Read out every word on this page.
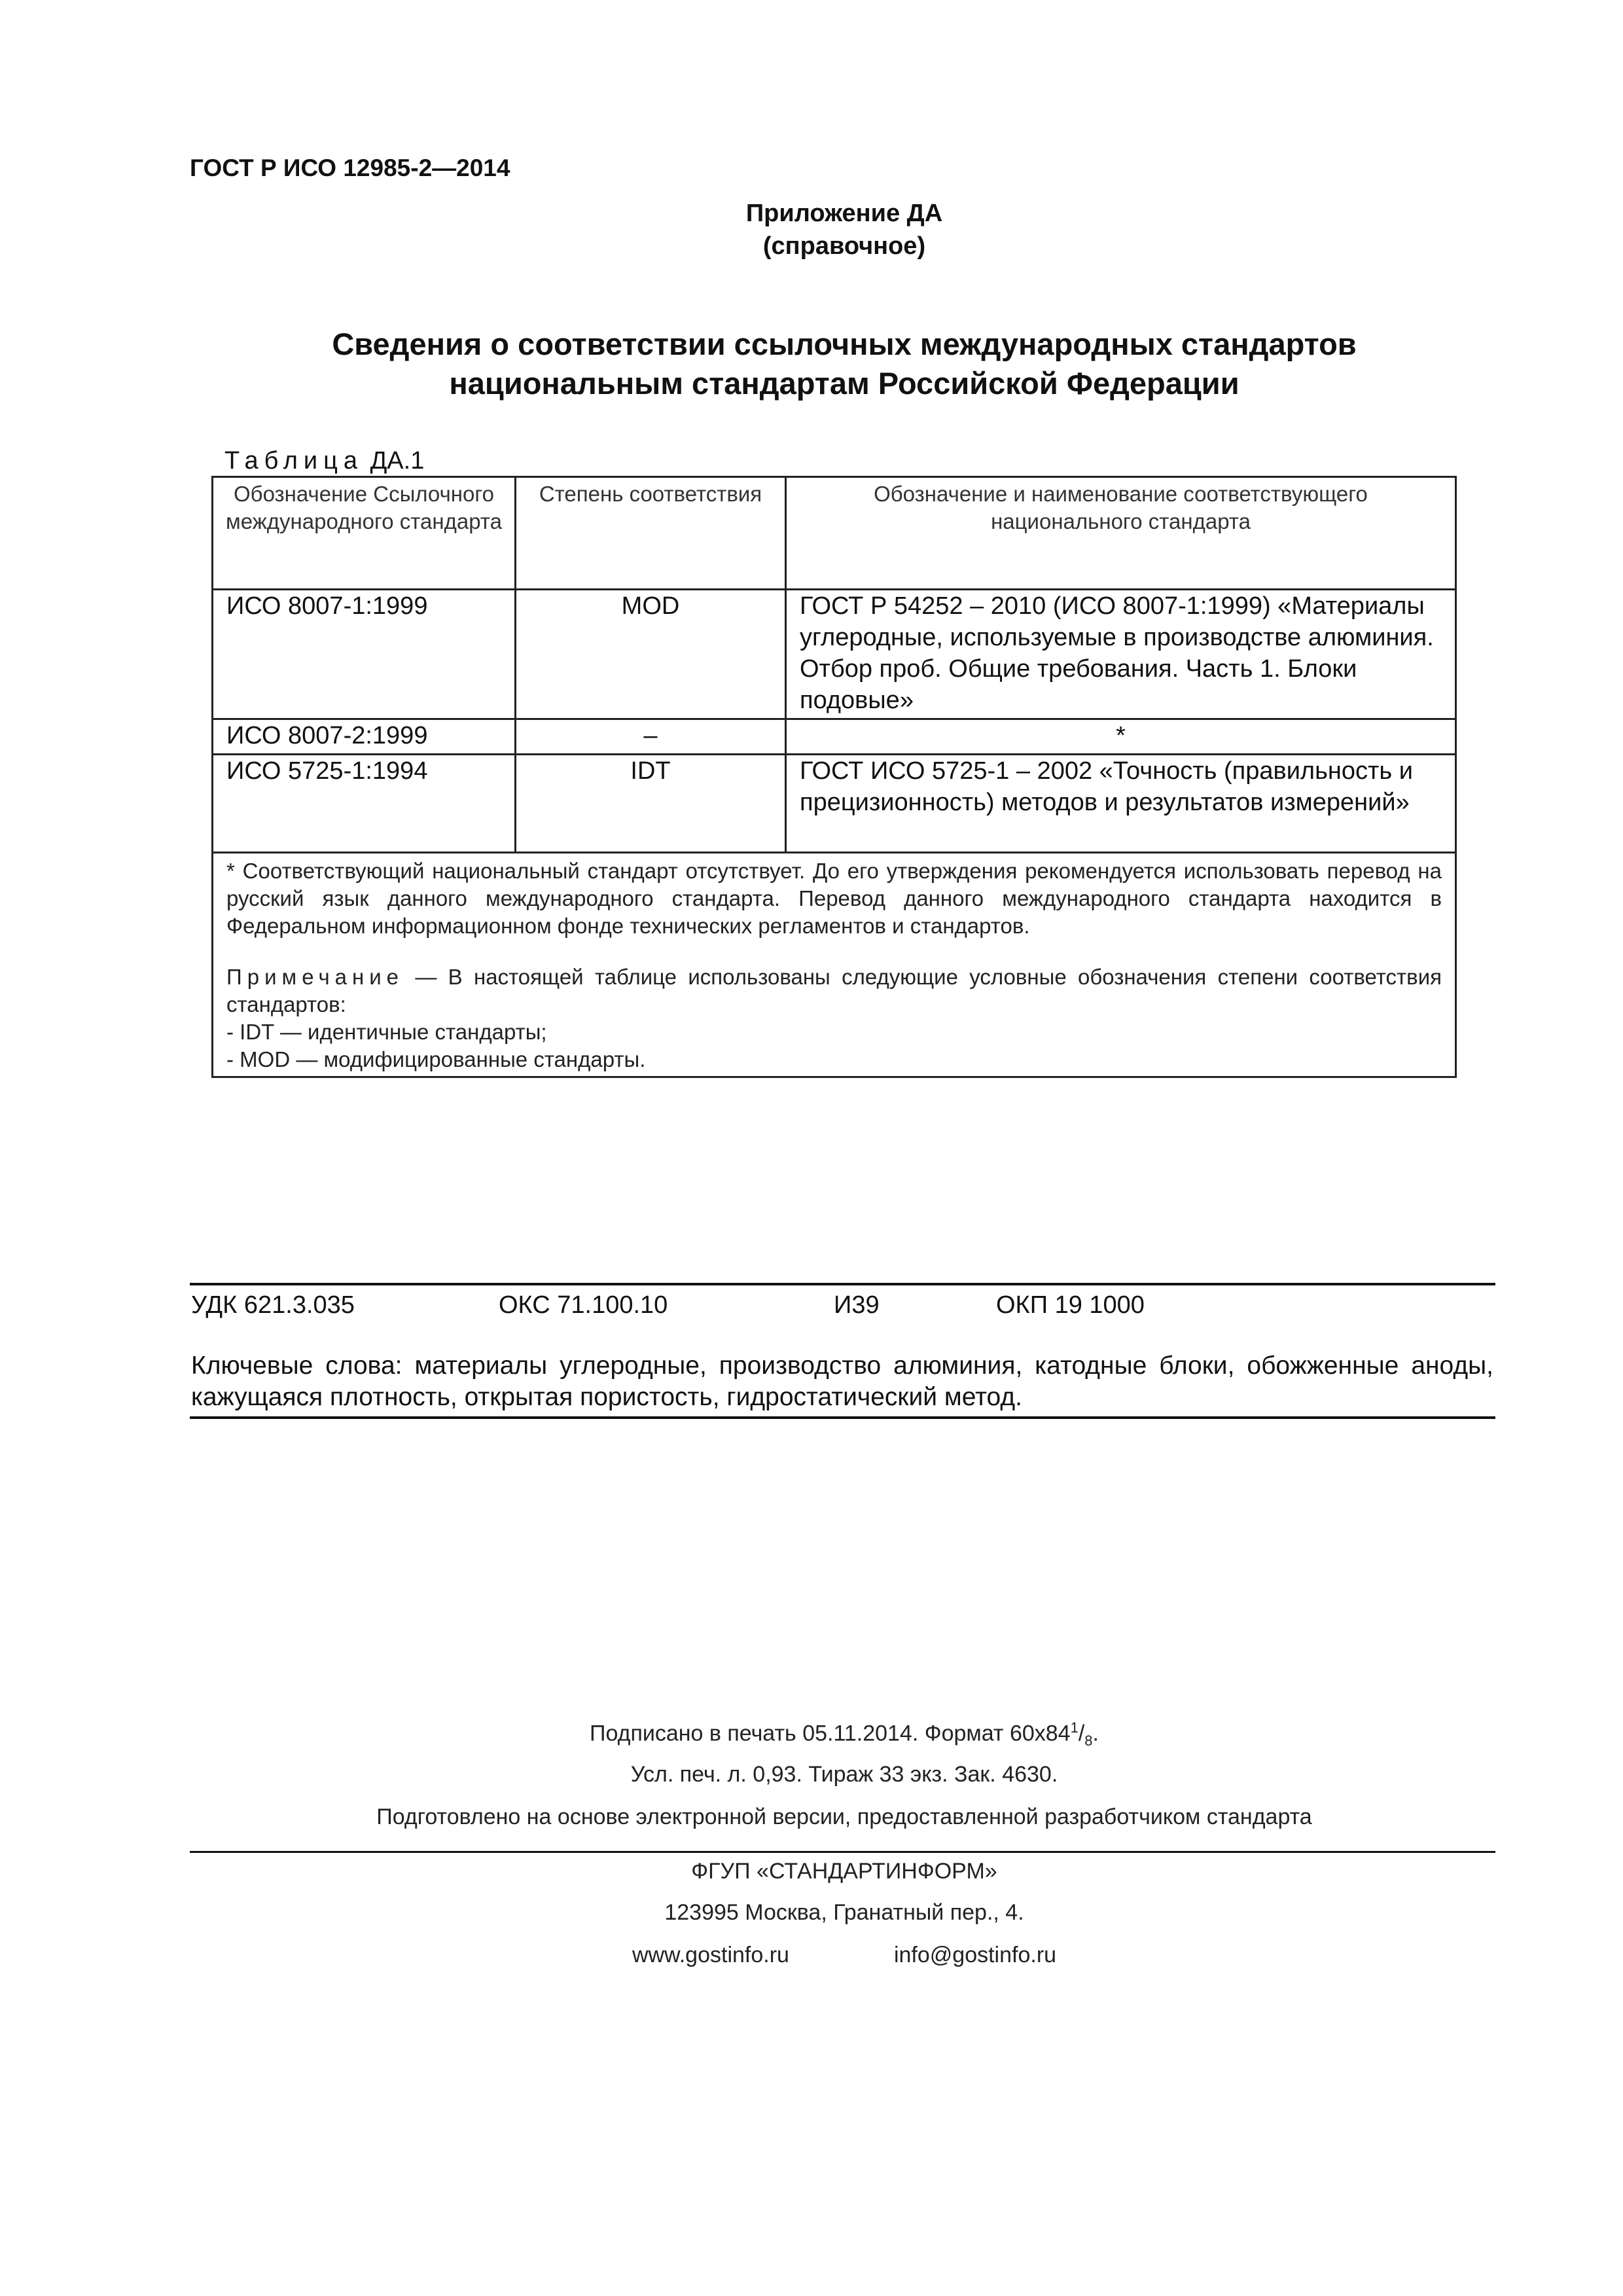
ГОСТ Р ИСО 12985-2—2014
Приложение ДА
(справочное)
Сведения о соответствии ссылочных международных стандартов
национальным стандартам Российской Федерации
Таблица ДА.1
Обозначение Ссылочного международного стандарта	Степень соответствия	Обозначение и наименование соответствующего национального стандарта
ИСО 8007-1:1999	MOD	ГОСТ Р 54252 – 2010 (ИСО 8007-1:1999) «Материалы углеродные, используемые в производстве алюминия. Отбор проб. Общие требования. Часть 1. Блоки подовые»
ИСО 8007-2:1999	–	*
ИСО 5725-1:1994	IDT	ГОСТ ИСО 5725-1 – 2002 «Точность (правильность и прецизионность) методов и результатов измерений»

* Соответствующий национальный стандарт отсутствует. До его утверждения рекомендуется использовать перевод на русский язык данного международного стандарта. Перевод данного международного стандарта находится в Федеральном информационном фонде технических регламентов и стандартов.
Примечание — В настоящей таблице использованы следующие условные обозначения степени соответствия стандартов:
- IDT — идентичные стандарты;
- MOD — модифицированные стандарты.		
УДК 621.3.035	ОКС 71.100.10	И39	ОКП 19 1000
Ключевые слова: материалы углеродные, производство алюминия, катодные блоки, обожженные аноды, кажущаяся плотность, открытая пористость, гидростатический метод.
Подписано в печать 05.11.2014. Формат $60x84^1/_8$.
Усл. печ. л. 0,93. Тираж 33 экз. Зак. 4630.
Подготовлено на основе электронной версии, предоставленной разработчиком стандарта
ФГУП «СТАНДАРТИНФОРМ»
123995 Москва, Гранатный пер., 4.
www.gostinfo.ru	info@gostinfo.ru
